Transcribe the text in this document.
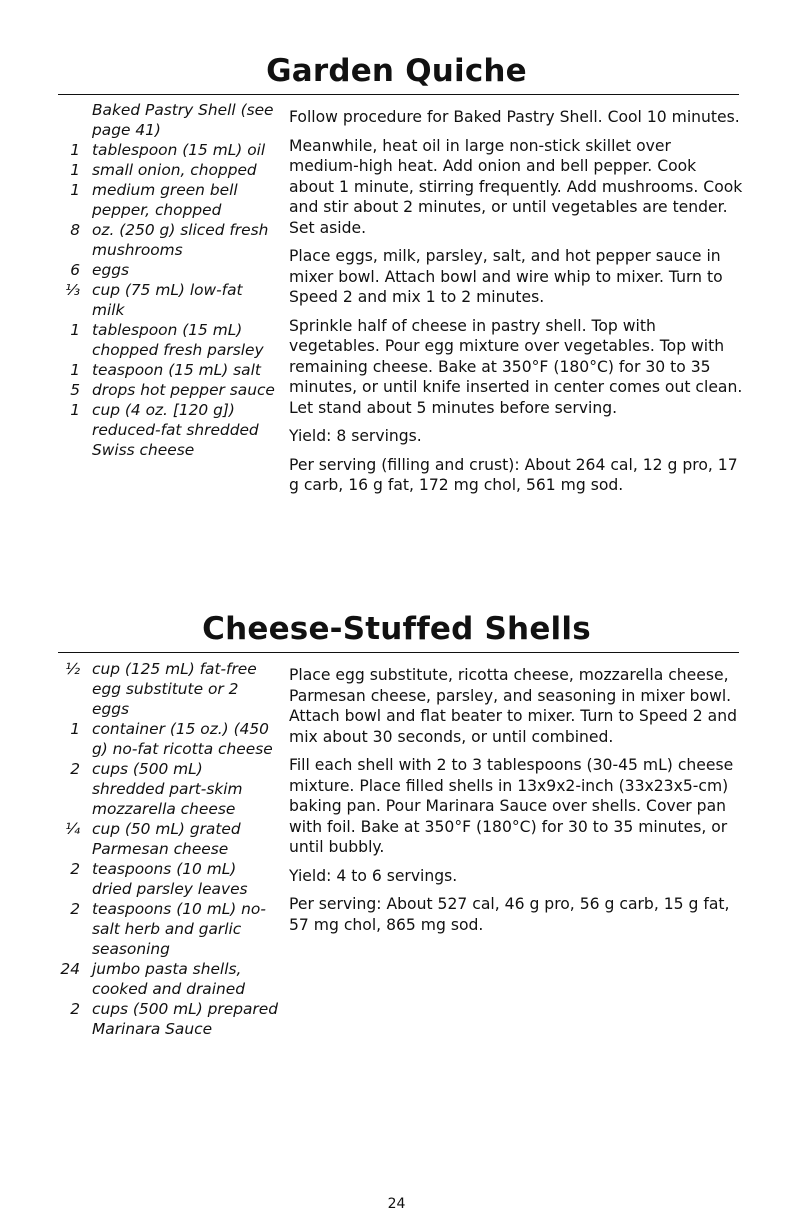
Garden Quiche
Baked Pastry Shell (see page 41)
1 tablespoon (15 mL) oil
1 small onion, chopped
1 medium green bell pepper, chopped
8 oz. (250 g) sliced fresh mushrooms
6 eggs
⅓ cup (75 mL) low-fat milk
1 tablespoon (15 mL) chopped fresh parsley
1 teaspoon (15 mL) salt
5 drops hot pepper sauce
1 cup (4 oz. [120 g]) reduced-fat shredded Swiss cheese

Follow procedure for Baked Pastry Shell. Cool 10 minutes.

Meanwhile, heat oil in large non-stick skillet over medium-high heat. Add onion and bell pepper. Cook about 1 minute, stirring frequently. Add mushrooms. Cook and stir about 2 minutes, or until vegetables are tender. Set aside.

Place eggs, milk, parsley, salt, and hot pepper sauce in mixer bowl. Attach bowl and wire whip to mixer. Turn to Speed 2 and mix 1 to 2 minutes.

Sprinkle half of cheese in pastry shell. Top with vegetables. Pour egg mixture over vegetables. Top with remaining cheese. Bake at 350°F (180°C) for 30 to 35 minutes, or until knife inserted in center comes out clean. Let stand about 5 minutes before serving.

Yield: 8 servings.

Per serving (filling and crust): About 264 cal, 12 g pro, 17 g carb, 16 g fat, 172 mg chol, 561 mg sod.

Cheese-Stuffed Shells
½ cup (125 mL) fat-free egg substitute or 2 eggs
1 container (15 oz.) (450 g) no-fat ricotta cheese
2 cups (500 mL) shredded part-skim mozzarella cheese
¼ cup (50 mL) grated Parmesan cheese
2 teaspoons (10 mL) dried parsley leaves
2 teaspoons (10 mL) no-salt herb and garlic seasoning
24 jumbo pasta shells, cooked and drained
2 cups (500 mL) prepared Marinara Sauce

Place egg substitute, ricotta cheese, mozzarella cheese, Parmesan cheese, parsley, and seasoning in mixer bowl. Attach bowl and flat beater to mixer. Turn to Speed 2 and mix about 30 seconds, or until combined.

Fill each shell with 2 to 3 tablespoons (30-45 mL) cheese mixture. Place filled shells in 13x9x2-inch (33x23x5-cm) baking pan. Pour Marinara Sauce over shells. Cover pan with foil. Bake at 350°F (180°C) for 30 to 35 minutes, or until bubbly.

Yield: 4 to 6 servings.

Per serving: About 527 cal, 46 g pro, 56 g carb, 15 g fat, 57 mg chol, 865 mg sod.

24
